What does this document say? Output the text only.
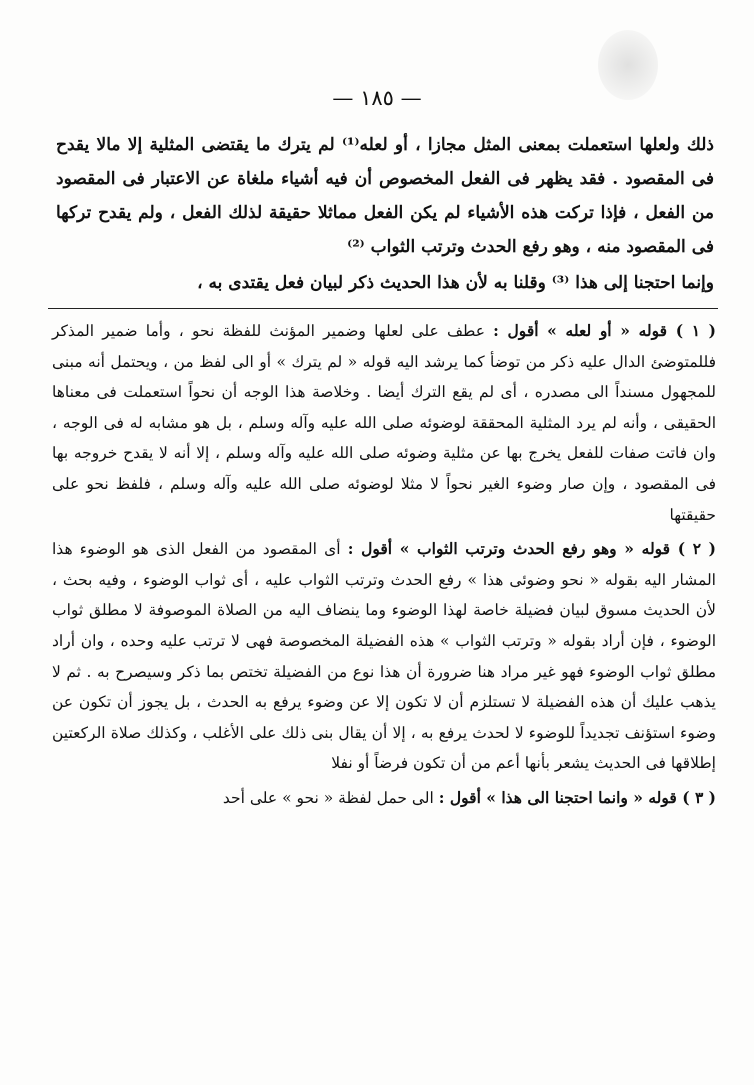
— ١٨٥ —

ذلك ولعلها استعملت بمعنى المثل مجازا ، أو لعله⁽¹⁾ لم يترك ما يقتضى المثلية إلا مالا يقدح فى المقصود . فقد يظهر فى الفعل المخصوص أن فيه أشياء ملغاة عن الاعتبار فى المقصود من الفعل ، فإذا تركت هذه الأشياء لم يكن الفعل مماثلا حقيقة لذلك الفعل ، ولم يقدح تركها فى المقصود منه ، وهو رفع الحدث وترتب الثواب ⁽²⁾

وإنما احتجنا إلى هذا ⁽³⁾ وقلنا به لأن هذا الحديث ذكر لبيان فعل يقتدى به ،

( ١ ) قوله « أو لعله » أقول : عطف على لعلها وضمير المؤنث للفظة نحو ، وأما ضمير المذكر فللمتوضئ الدال عليه ذكر من توضأ كما يرشد اليه قوله « لم يترك » أو الى لفظ من ، ويحتمل أنه مبنى للمجهول مسنداً الى مصدره ، أى لم يقع الترك أيضا . وخلاصة هذا الوجه أن نحواً استعملت فى معناها الحقيقى ، وأنه لم يرد المثلية المحققة لوضوئه صلى الله عليه وآله وسلم ، بل هو مشابه له فى الوجه ، وان فاتت صفات للفعل يخرج بها عن مثلية وضوئه صلى الله عليه وآله وسلم ، إلا أنه لا يقدح خروجه بها فى المقصود ، وإن صار وضوء الغير نحواً لا مثلا لوضوئه صلى الله عليه وآله وسلم ، فلفظ نحو على حقيقتها

( ٢ ) قوله « وهو رفع الحدث وترتب الثواب » أقول : أى المقصود من الفعل الذى هو الوضوء هذا المشار اليه بقوله « نحو وضوئى هذا » رفع الحدث وترتب الثواب عليه ، أى ثواب الوضوء ، وفيه بحث ، لأن الحديث مسوق لبيان فضيلة خاصة لهذا الوضوء وما ينضاف اليه من الصلاة الموصوفة لا مطلق ثواب الوضوء ، فإن أراد بقوله « وترتب الثواب » هذه الفضيلة المخصوصة فهى لا ترتب عليه وحده ، وان أراد مطلق ثواب الوضوء فهو غير مراد هنا ضرورة أن هذا نوع من الفضيلة تختص بما ذكر وسيصرح به . ثم لا يذهب عليك أن هذه الفضيلة لا تستلزم أن لا تكون إلا عن وضوء يرفع به الحدث ، بل يجوز أن تكون عن وضوء استؤنف تجديداً للوضوء لا لحدث يرفع به ، إلا أن يقال بنى ذلك على الأغلب ، وكذلك صلاة الركعتين إطلاقها فى الحديث يشعر بأنها أعم من أن تكون فرضاً أو نفلا

( ٣ ) قوله « وانما احتجنا الى هذا » أقول : الى حمل لفظة « نحو » على أحد
